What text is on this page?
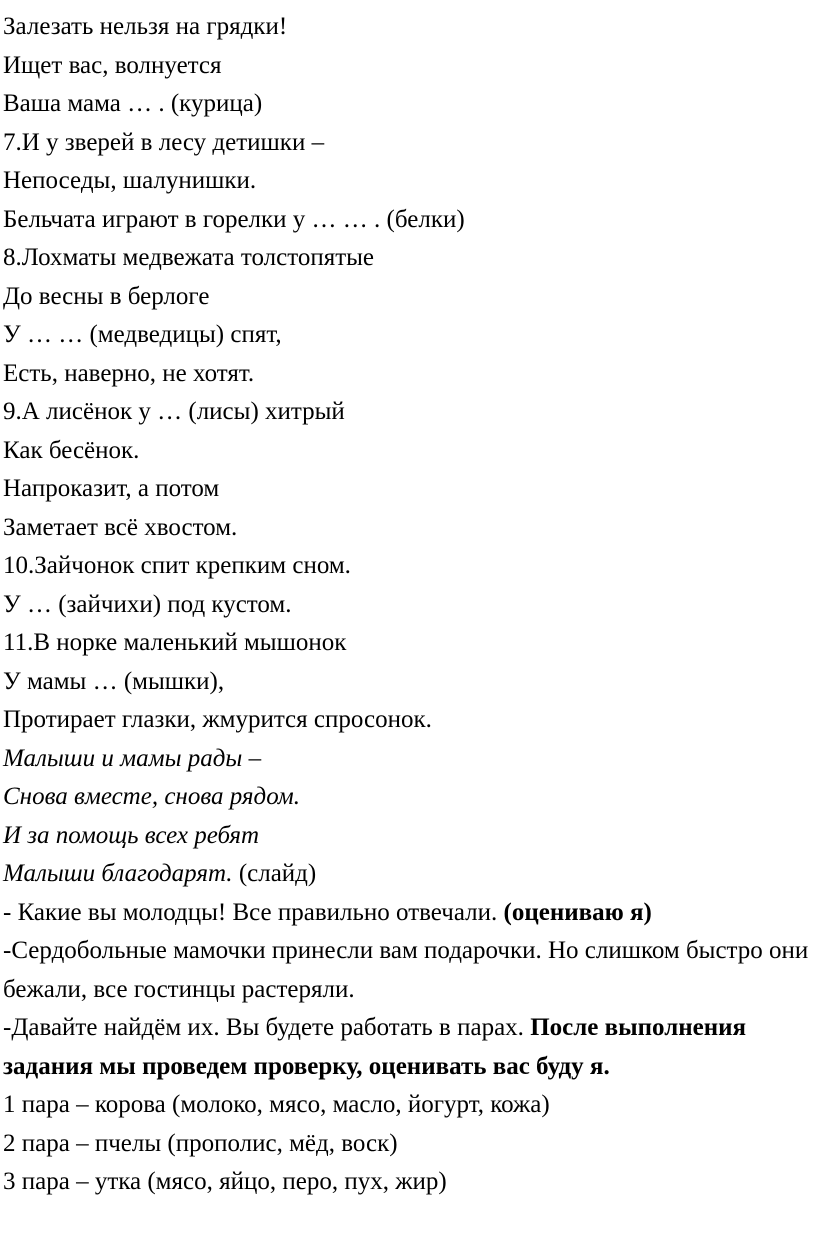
Залезать нельзя на грядки!
Ищет вас, волнуется
Ваша мама … . (курица)
7.И у зверей в лесу детишки –
Непоседы, шалунишки.
Бельчата играют в горелки у … … . (белки)
8.Лохматы медвежата толстопятые
До весны в берлоге
У … … (медведицы) спят,
Есть, наверно, не хотят.
9.А лисёнок у … (лисы) хитрый
Как бесёнок.
Напроказит, а потом
Заметает всё хвостом.
10.Зайчонок спит крепким сном.
У … (зайчихи) под кустом.
11.В норке маленький мышонок
У мамы … (мышки),
Протирает глазки, жмурится спросонок.
Малыши и мамы рады –
Снова вместе, снова рядом.
И за помощь всех ребят
Малыши благодарят. (слайд)
- Какие вы молодцы! Все правильно отвечали. (оцениваю я)
-Сердобольные мамочки принесли вам подарочки. Но слишком быстро они бежали, все гостинцы растеряли.
-Давайте найдём их. Вы будете работать в парах. После выполнения задания мы проведем проверку, оценивать вас буду я.
1 пара – корова (молоко, мясо, масло, йогурт, кожа)
2 пара – пчелы (прополис, мёд, воск)
3 пара – утка (мясо, яйцо, перо, пух, жир)
